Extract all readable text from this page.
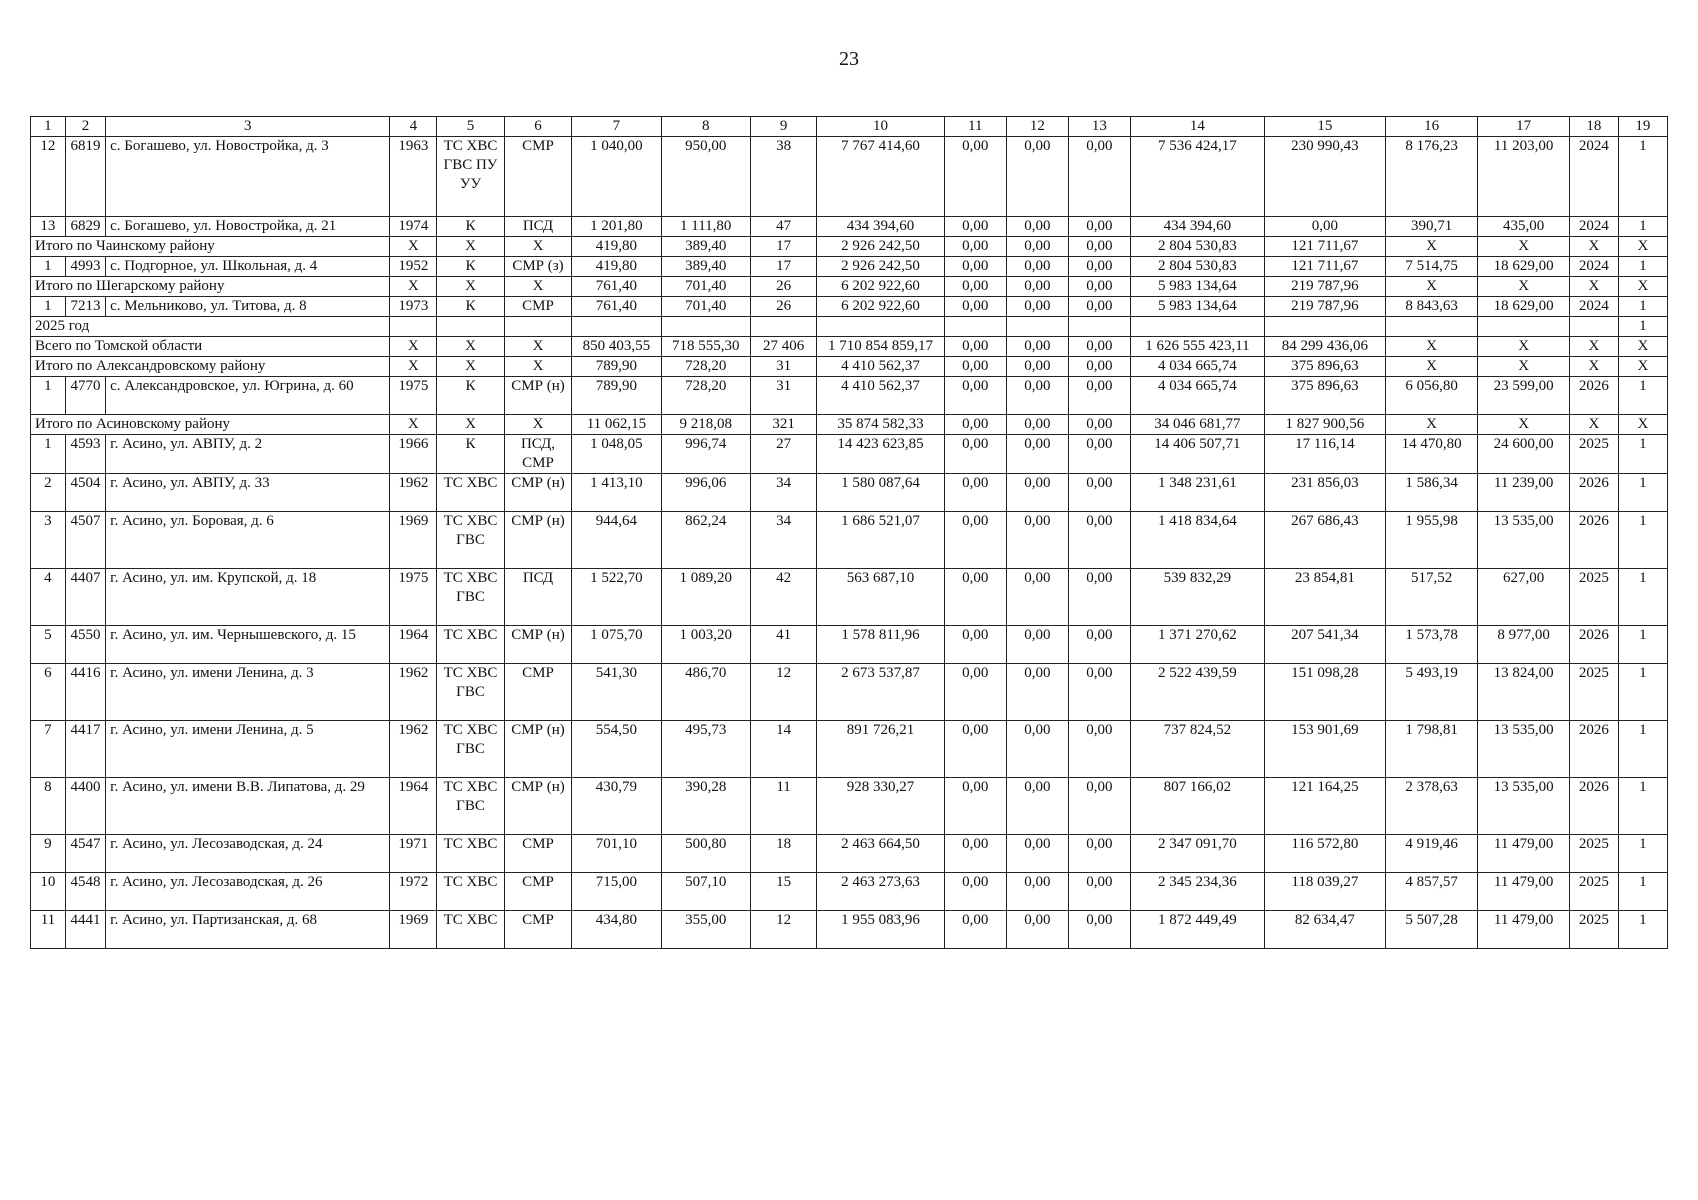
23
1	2	3	4	5	6	7	8	9	10	11	12	13	14	15	16	17	18	19
12	6819	с. Богашево, ул. Новостройка, д. 3	1963	ТС ХВС ГВС ПУ УУ	СМР	1 040,00	950,00	38	7 767 414,60	0,00	0,00	0,00	7 536 424,17	230 990,43	8 176,23	11 203,00	2024	1
13	6829	с. Богашево, ул. Новостройка, д. 21	1974	К	ПСД	1 201,80	1 111,80	47	434 394,60	0,00	0,00	0,00	434 394,60	0,00	390,71	435,00	2024	1
Итого по Чаинскому району			Х	Х	Х	419,80	389,40	17	2 926 242,50	0,00	0,00	0,00	2 804 530,83	121 711,67	Х	Х	Х	Х
1	4993	с. Подгорное, ул. Школьная, д. 4	1952	К	СМР (з)	419,80	389,40	17	2 926 242,50	0,00	0,00	0,00	2 804 530,83	121 711,67	7 514,75	18 629,00	2024	1
Итого по Шегарскому району			Х	Х	Х	761,40	701,40	26	6 202 922,60	0,00	0,00	0,00	5 983 134,64	219 787,96	Х	Х	Х	Х
1	7213	с. Мельниково, ул. Титова, д. 8	1973	К	СМР	761,40	701,40	26	6 202 922,60	0,00	0,00	0,00	5 983 134,64	219 787,96	8 843,63	18 629,00	2024	1
2025 год																		1
Всего по Томской области			Х	Х	Х	850 403,55	718 555,30	27 406	1 710 854 859,17	0,00	0,00	0,00	1 626 555 423,11	84 299 436,06	Х	Х	Х	Х
Итого по Александровскому району			Х	Х	Х	789,90	728,20	31	4 410 562,37	0,00	0,00	0,00	4 034 665,74	375 896,63	Х	Х	Х	Х
1	4770	с. Александровское, ул. Югрина, д. 60	1975	К	СМР (н)	789,90	728,20	31	4 410 562,37	0,00	0,00	0,00	4 034 665,74	375 896,63	6 056,80	23 599,00	2026	1
Итого по Асиновскому району			Х	Х	Х	11 062,15	9 218,08	321	35 874 582,33	0,00	0,00	0,00	34 046 681,77	1 827 900,56	Х	Х	Х	Х
1	4593	г. Асино, ул. АВПУ, д. 2	1966	К	ПСД, СМР	1 048,05	996,74	27	14 423 623,85	0,00	0,00	0,00	14 406 507,71	17 116,14	14 470,80	24 600,00	2025	1
2	4504	г. Асино, ул. АВПУ, д. 33	1962	ТС ХВС	СМР (н)	1 413,10	996,06	34	1 580 087,64	0,00	0,00	0,00	1 348 231,61	231 856,03	1 586,34	11 239,00	2026	1
3	4507	г. Асино, ул. Боровая, д. 6	1969	ТС ХВС ГВС	СМР (н)	944,64	862,24	34	1 686 521,07	0,00	0,00	0,00	1 418 834,64	267 686,43	1 955,98	13 535,00	2026	1
4	4407	г. Асино, ул. им. Крупской, д. 18	1975	ТС ХВС ГВС	ПСД	1 522,70	1 089,20	42	563 687,10	0,00	0,00	0,00	539 832,29	23 854,81	517,52	627,00	2025	1
5	4550	г. Асино, ул. им. Чернышевского, д. 15	1964	ТС ХВС	СМР (н)	1 075,70	1 003,20	41	1 578 811,96	0,00	0,00	0,00	1 371 270,62	207 541,34	1 573,78	8 977,00	2026	1
6	4416	г. Асино, ул. имени Ленина, д. 3	1962	ТС ХВС ГВС	СМР	541,30	486,70	12	2 673 537,87	0,00	0,00	0,00	2 522 439,59	151 098,28	5 493,19	13 824,00	2025	1
7	4417	г. Асино, ул. имени Ленина, д. 5	1962	ТС ХВС ГВС	СМР (н)	554,50	495,73	14	891 726,21	0,00	0,00	0,00	737 824,52	153 901,69	1 798,81	13 535,00	2026	1
8	4400	г. Асино, ул. имени В.В. Липатова, д. 29	1964	ТС ХВС ГВС	СМР (н)	430,79	390,28	11	928 330,27	0,00	0,00	0,00	807 166,02	121 164,25	2 378,63	13 535,00	2026	1
9	4547	г. Асино, ул. Лесозаводская, д. 24	1971	ТС ХВС	СМР	701,10	500,80	18	2 463 664,50	0,00	0,00	0,00	2 347 091,70	116 572,80	4 919,46	11 479,00	2025	1
10	4548	г. Асино, ул. Лесозаводская, д. 26	1972	ТС ХВС	СМР	715,00	507,10	15	2 463 273,63	0,00	0,00	0,00	2 345 234,36	118 039,27	4 857,57	11 479,00	2025	1
11	4441	г. Асино, ул. Партизанская, д. 68	1969	ТС ХВС	СМР	434,80	355,00	12	1 955 083,96	0,00	0,00	0,00	1 872 449,49	82 634,47	5 507,28	11 479,00	2025	1
